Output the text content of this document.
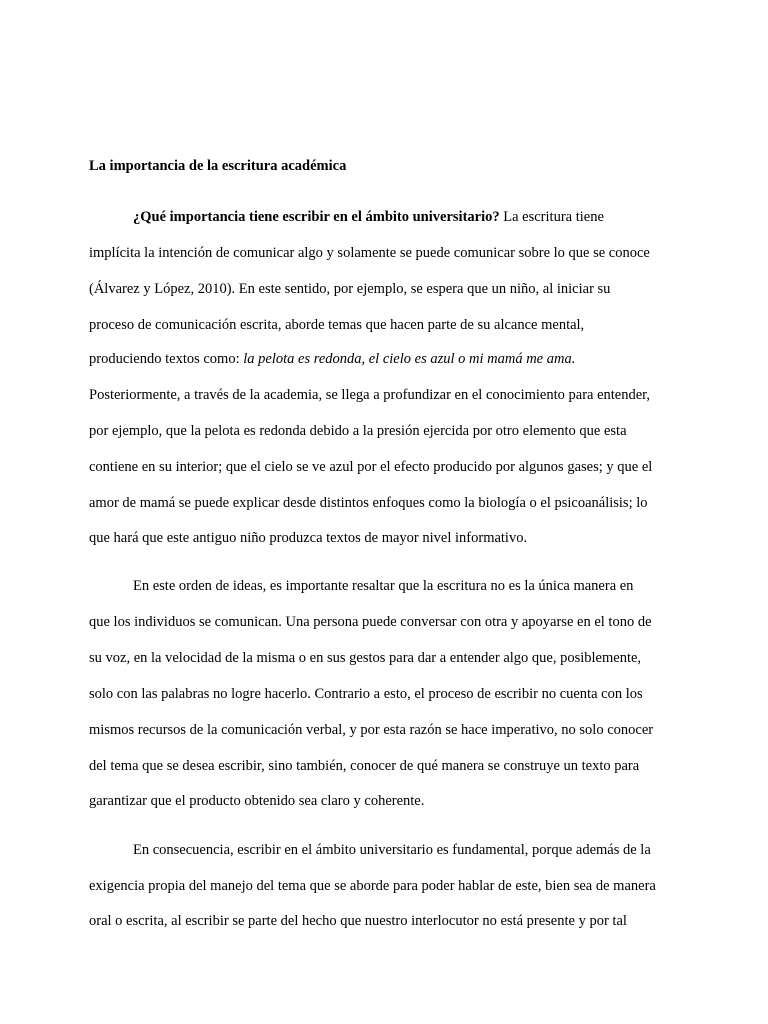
La importancia de la escritura académica
¿Qué importancia tiene escribir en el ámbito universitario? La escritura tiene
implícita la intención de comunicar algo y solamente se puede comunicar sobre lo que se conoce
(Álvarez y López, 2010). En este sentido, por ejemplo, se espera que un niño, al iniciar su
proceso de comunicación escrita, aborde temas que hacen parte de su alcance mental,
produciendo textos como: la pelota es redonda, el cielo es azul o mi mamá me ama.
Posteriormente, a través de la academia, se llega a profundizar en el conocimiento para entender,
por ejemplo, que la pelota es redonda debido a la presión ejercida por otro elemento que esta
contiene en su interior; que el cielo se ve azul por el efecto producido por algunos gases; y que el
amor de mamá se puede explicar desde distintos enfoques como la biología o el psicoanálisis; lo
que hará que este antiguo niño produzca textos de mayor nivel informativo.
En este orden de ideas, es importante resaltar que la escritura no es la única manera en
que los individuos se comunican. Una persona puede conversar con otra y apoyarse en el tono de
su voz, en la velocidad de la misma o en sus gestos para dar a entender algo que, posiblemente,
solo con las palabras no logre hacerlo. Contrario a esto, el proceso de escribir no cuenta con los
mismos recursos de la comunicación verbal, y por esta razón se hace imperativo, no solo conocer
del tema que se desea escribir, sino también, conocer de qué manera se construye un texto para
garantizar que el producto obtenido sea claro y coherente.
En consecuencia, escribir en el ámbito universitario es fundamental, porque además de la
exigencia propia del manejo del tema que se aborde para poder hablar de este, bien sea de manera
oral o escrita, al escribir se parte del hecho que nuestro interlocutor no está presente y por tal
